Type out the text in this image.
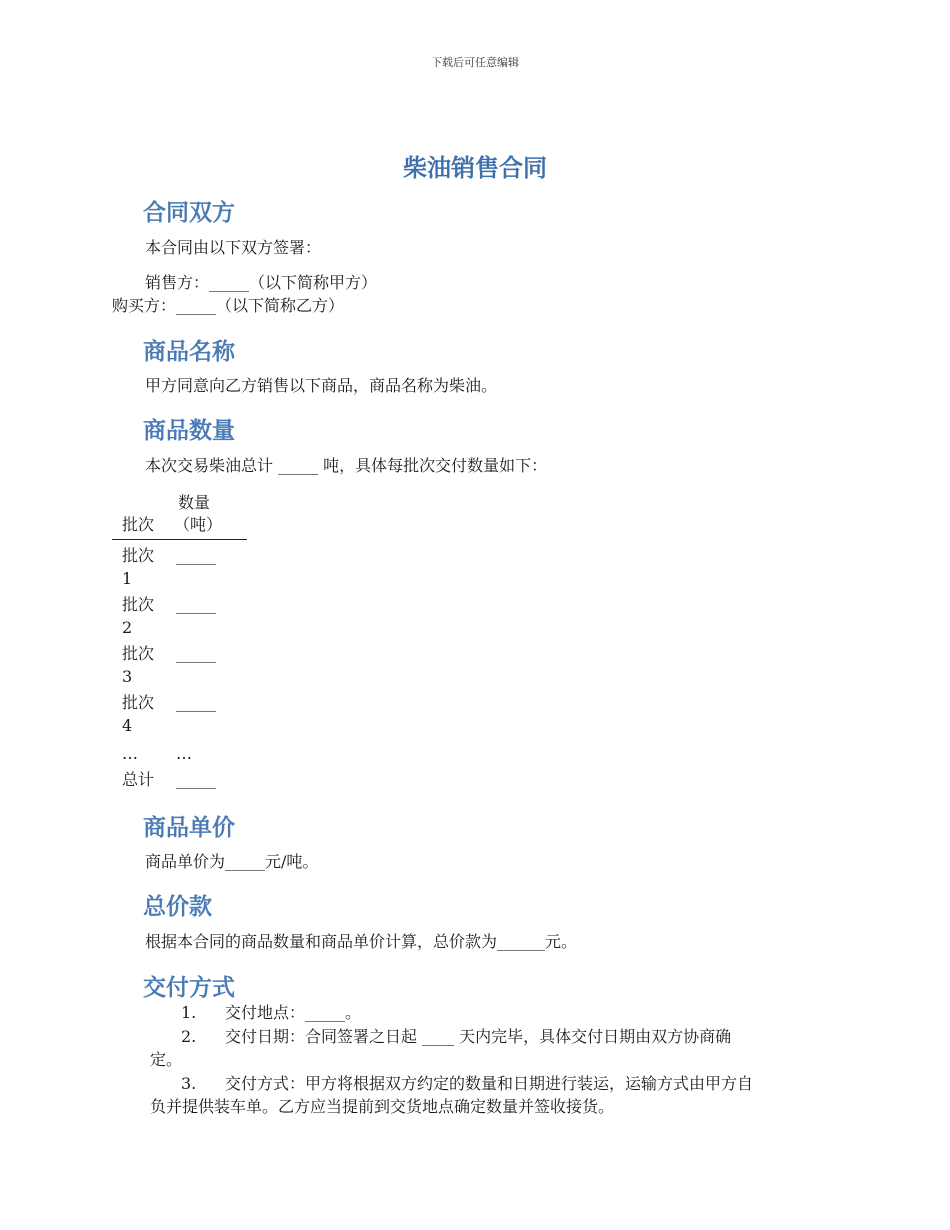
下载后可任意编辑
柴油销售合同
合同双方

本合同由以下双方签署：

销售方：_____（以下简称甲方）

购买方：_____（以下简称乙方）

商品名称

甲方同意向乙方销售以下商品，商品名称为柴油。

商品数量

本次交易柴油总计 _____ 吨，具体每批次交付数量如下：

数量
（吨）
批次
批次 1
_____
批次 2
_____
批次 3
_____
批次 4
_____
…	…
总计	_____
商品单价

商品单价为_____元/吨。

总价款

根据本合同的商品数量和商品单价计算，总价款为______元。

交付方式
1. 交付地点：_____。
2. 交付日期：合同签署之日起 ____ 天内完毕，具体交付日期由双方协商确
定。
3. 交付方式：甲方将根据双方约定的数量和日期进行装运，运输方式由甲方自
负并提供装车单。乙方应当提前到交货地点确定数量并签收接货。
